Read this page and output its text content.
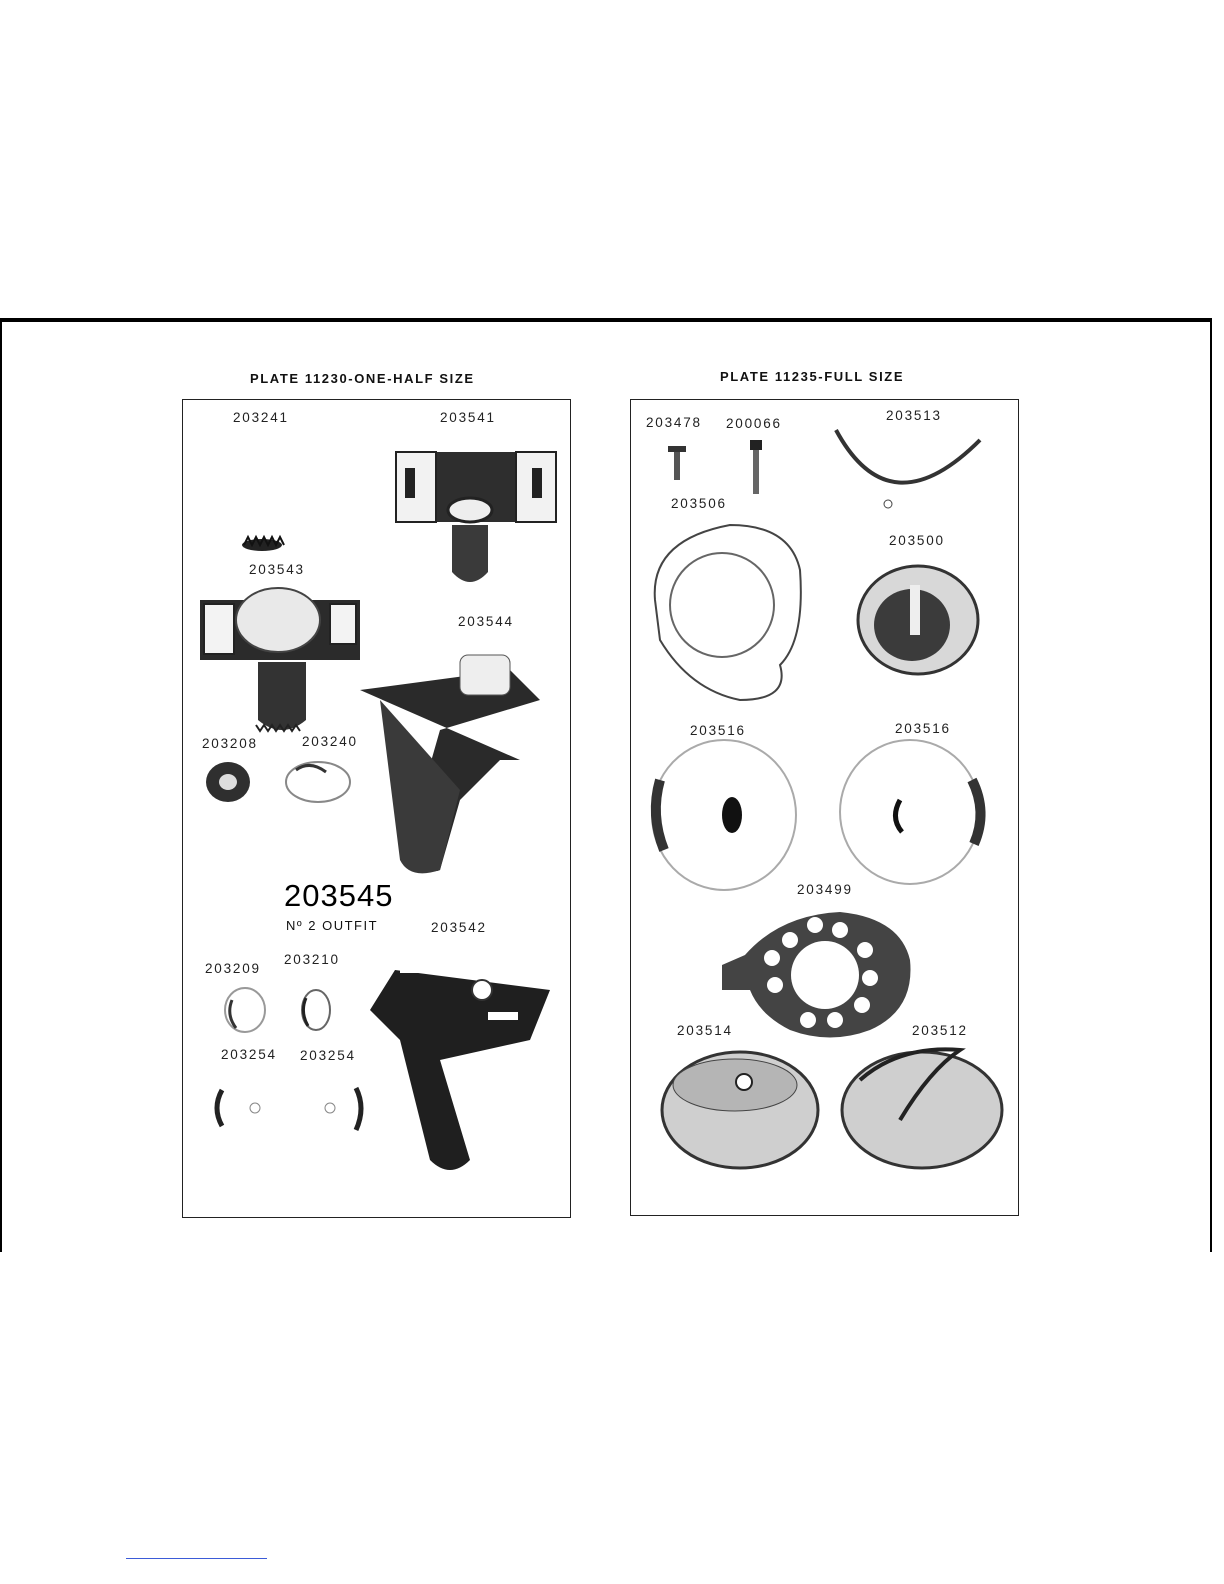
PLATE 11230-ONE-HALF SIZE	PLATE 11235-FULL SIZE
203241	203541
203543
203544
203208	203240
203545
Nº 2 OUTFIT	203542
203209
203210
203254 203254
203478 200066
203513
203506
203500
203516	203516
203499
203514	203512
